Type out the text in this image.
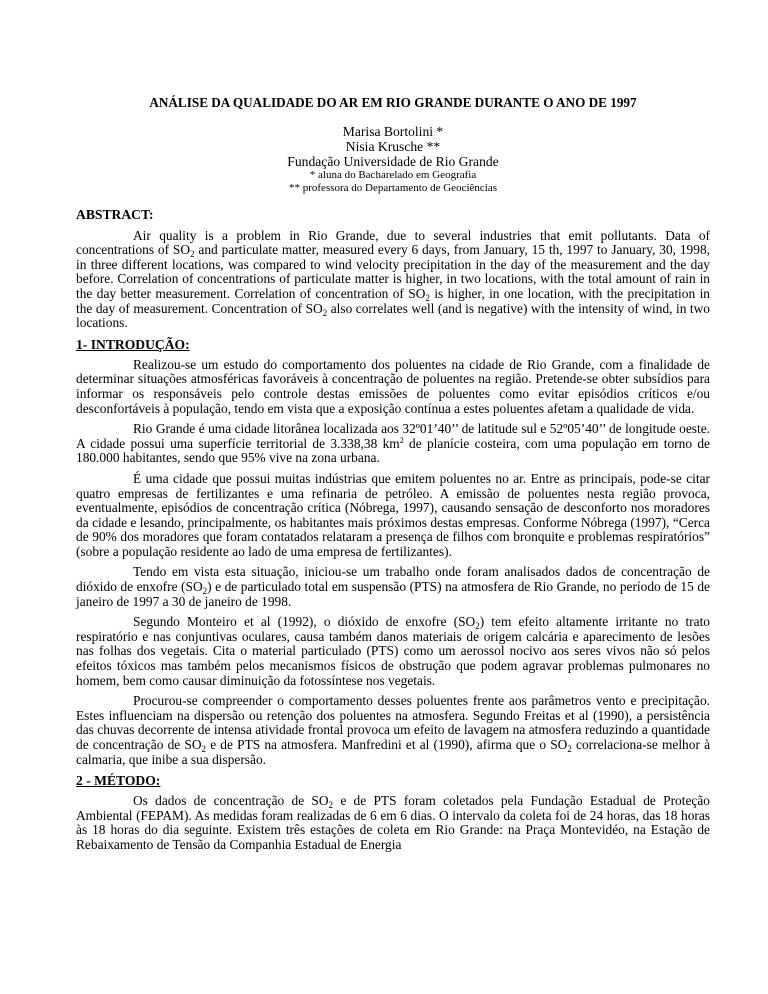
ANÁLISE DA QUALIDADE DO AR EM RIO GRANDE DURANTE O ANO DE 1997
Marisa Bortolini *
Nisia Krusche **
Fundação Universidade de Rio Grande
* aluna do Bacharelado em Geografia
** professora do Departamento de Geociências
ABSTRACT:

Air quality is a problem in Rio Grande, due to several industries that emit pollutants. Data of concentrations of $SO_2$ and particulate matter, measured every 6 days, from January, 15 th, 1997 to January, 30, 1998, in three different locations, was compared to wind velocity precipitation in the day of the measurement and the day before. Correlation of concentrations of particulate matter is higher, in two locations, with the total amount of rain in the day better measurement. Correlation of concentration of $SO_2$ is higher, in one location, with the precipitation in the day of measurement. Concentration of $SO_2$ also correlates well (and is negative) with the intensity of wind, in two locations.

1- INTRODUÇÃO:

Realizou-se um estudo do comportamento dos poluentes na cidade de Rio Grande, com a finalidade de determinar situações atmosféricas favoráveis à concentração de poluentes na região. Pretende-se obter subsídios para informar os responsáveis pelo controle destas emissões de poluentes como evitar episódios críticos e/ou desconfortáveis à população, tendo em vista que a exposição contínua a estes poluentes afetam a qualidade de vida.

Rio Grande é uma cidade litorânea localizada aos 32º01’40’’ de latitude sul e 52º05’40’’ de longitude oeste. A cidade possui uma superfície territorial de 3.338,38 $km^2$ de planície costeira, com uma população em torno de 180.000 habitantes, sendo que 95% vive na zona urbana.

É uma cidade que possui muitas indústrias que emitem poluentes no ar. Entre as principais, pode-se citar quatro empresas de fertilizantes e uma refinaria de petróleo. A emissão de poluentes nesta região provoca, eventualmente, episódios de concentração crítica (Nóbrega, 1997), causando sensação de desconforto nos moradores da cidade e lesando, principalmente, os habitantes mais próximos destas empresas. Conforme Nóbrega (1997), “Cerca de 90% dos moradores que foram contatados relataram a presença de filhos com bronquite e problemas respiratórios” (sobre a população residente ao lado de uma empresa de fertilizantes).

Tendo em vista esta situação, iniciou-se um trabalho onde foram analisados dados de concentração de dióxido de enxofre $(SO_2)$ e de particulado total em suspensão (PTS) na atmosfera de Rio Grande, no período de 15 de janeiro de 1997 a 30 de janeiro de 1998.

Segundo Monteiro et al (1992), o dióxido de enxofre $(SO_2)$ tem efeito altamente irritante no trato respiratório e nas conjuntivas oculares, causa também danos materiais de origem calcária e aparecimento de lesões nas folhas dos vegetais. Cita o material particulado (PTS) como um aerossol nocivo aos seres vivos não só pelos efeitos tóxicos mas também pelos mecanismos físicos de obstrução que podem agravar problemas pulmonares no homem, bem como causar diminuição da fotossíntese nos vegetais.

Procurou-se compreender o comportamento desses poluentes frente aos parâmetros vento e precipitação. Estes influenciam na dispersão ou retenção dos poluentes na atmosfera. Segundo Freitas et al (1990), a persistência das chuvas decorrente de intensa atividade frontal provoca um efeito de lavagem na atmosfera reduzindo a quantidade de concentração de $SO_2$ e de PTS na atmosfera. Manfredini et al (1990), afirma que o $SO_2$ correlaciona-se melhor à calmaria, que inibe a sua dispersão.

2 - MÉTODO:

Os dados de concentração de $SO_2$ e de PTS foram coletados pela Fundação Estadual de Proteção Ambiental (FEPAM). As medidas foram realizadas de 6 em 6 dias. O intervalo da coleta foi de 24 horas, das 18 horas às 18 horas do dia seguinte. Existem três estações de coleta em Rio Grande: na Praça Montevidéo, na Estação de Rebaixamento de Tensão da Companhia Estadual de Energia
